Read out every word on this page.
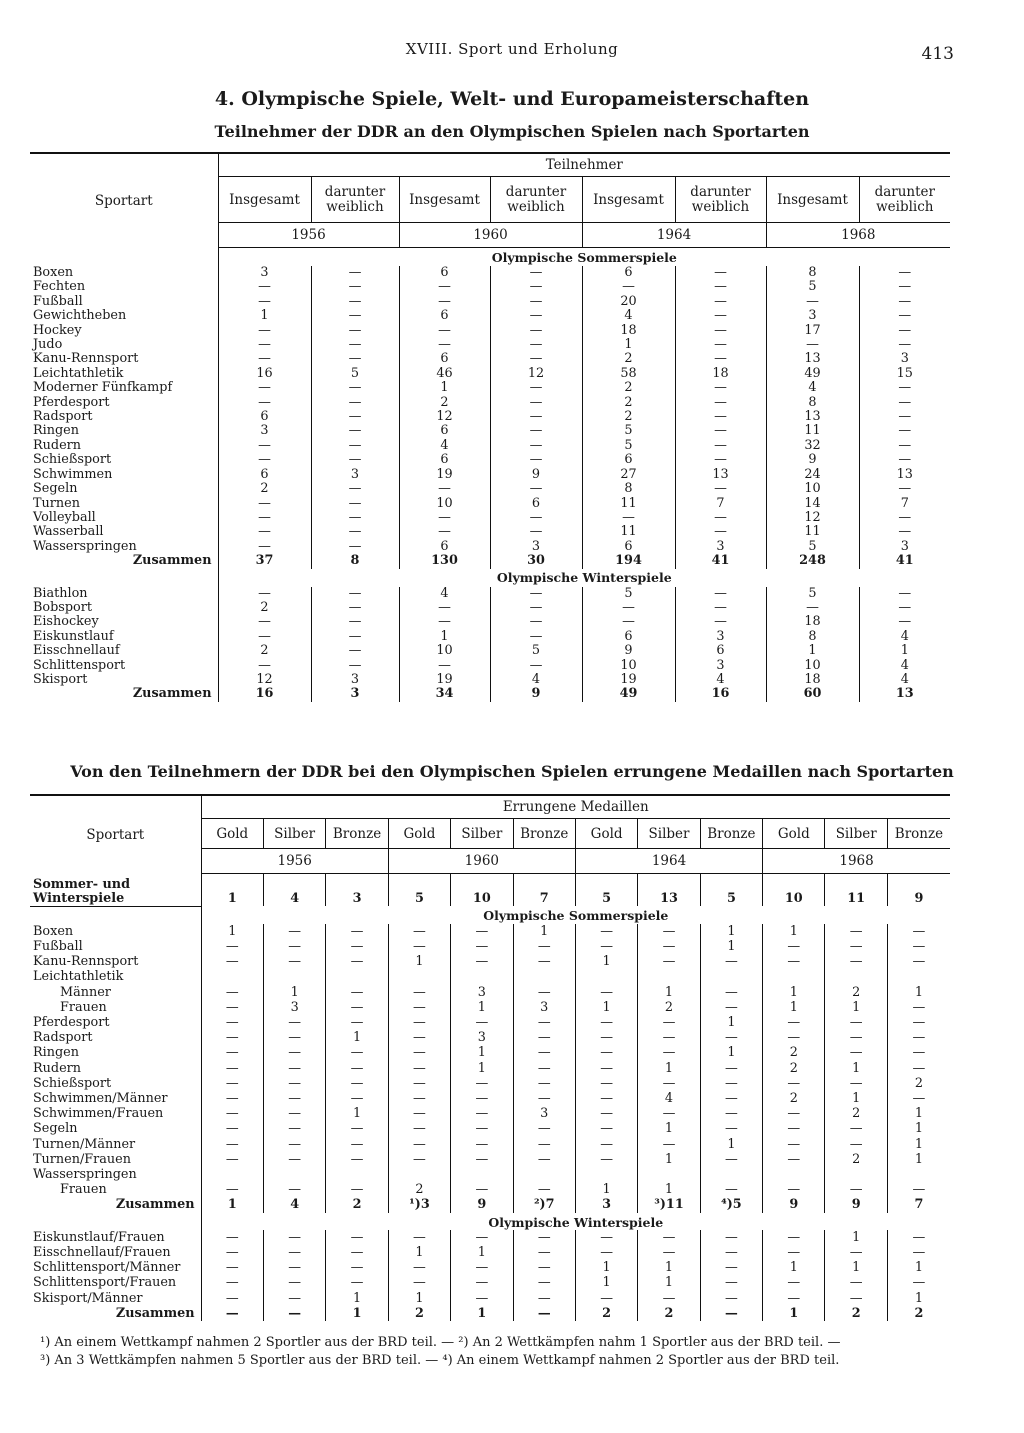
XVIII. Sport und Erholung	413
4. Olympische Spiele, Welt- und Europameisterschaften
Teilnehmer der DDR an den Olympischen Spielen nach Sportarten
Sportart	Teilnehmer							
	Insgesamt	darunter weiblich	Insgesamt	darunter weiblich	Insgesamt	darunter weiblich	Insgesamt	darunter weiblich
	1956		1960		1964		1968	
	Olympische Sommerspiele							
Boxen	3	—	6	—	6	—	8	—
Fechten	—	—	—	—	—	—	5	—
Fußball	—	—	—	—	20	—	—	—
Gewichtheben	1	—	6	—	4	—	3	—
Hockey	—	—	—	—	18	—	17	—
Judo	—	—	—	—	1	—	—	—
Kanu-Rennsport	—	—	6	—	2	—	13	3
Leichtathletik	16	5	46	12	58	18	49	15
Moderner Fünfkampf	—	—	1	—	2	—	4	—
Pferdesport	—	—	2	—	2	—	8	—
Radsport	6	—	12	—	2	—	13	—
Ringen	3	—	6	—	5	—	11	—
Rudern	—	—	4	—	5	—	32	—
Schießsport	—	—	6	—	6	—	9	—
Schwimmen	6	3	19	9	27	13	24	13
Segeln	2	—	—	—	8	—	10	—
Turnen	—	—	10	6	11	7	14	7
Volleyball	—	—	—	—	—	—	12	—
Wasserball	—	—	—	—	11	—	11	—
Wasserspringen	—	—	6	3	6	3	5	3
Zusammen	37	8	130	30	194	41	248	41
	Olympische Winterspiele							
Biathlon	—	—	4	—	5	—	5	—
Bobsport	2	—	—	—	—	—	—	—
Eishockey	—	—	—	—	—	—	18	—
Eiskunstlauf	—	—	1	—	6	3	8	4
Eisschnellauf	2	—	10	5	9	6	1	1
Schlittensport	—	—	—	—	10	3	10	4
Skisport	12	3	19	4	19	4	18	4
Zusammen	16	3	34	9	49	16	60	13
Von den Teilnehmern der DDR bei den Olympischen Spielen errungene Medaillen nach Sportarten
Sportart	Errungene Medaillen											
	Gold	Silber	Bronze	Gold	Silber	Bronze	Gold	Silber	Bronze	Gold	Silber	Bronze
	1956			1960			1964			1968		
Sommer- und Winterspiele	1	4	3	5	10	7	5	13	5	10	11	9
	Olympische Sommerspiele											
Boxen	1	—	—	—	—	1	—	—	1	1	—	—
Fußball	—	—	—	—	—	—	—	—	1	—	—	—
Kanu-Rennsport	—	—	—	1	—	—	1	—	—	—	—	—
Leichtathletik												
Männer	—	1	—	—	3	—	—	1	—	1	2	1
Frauen	—	3	—	—	1	3	1	2	—	1	1	—
Pferdesport	—	—	—	—	—	—	—	—	1	—	—	—
Radsport	—	—	1	—	3	—	—	—	—	—	—	—
Ringen	—	—	—	—	1	—	—	—	1	2	—	—
Rudern	—	—	—	—	1	—	—	1	—	2	1	—
Schießsport	—	—	—	—	—	—	—	—	—	—	—	2
Schwimmen/Männer	—	—	—	—	—	—	—	4	—	2	1	—
Schwimmen/Frauen	—	—	1	—	—	3	—	—	—	—	2	1
Segeln	—	—	—	—	—	—	—	1	—	—	—	1
Turnen/Männer	—	—	—	—	—	—	—	—	1	—	—	1
Turnen/Frauen	—	—	—	—	—	—	—	1	—	—	2	1
Wasserspringen												
Frauen	—	—	—	2	—	—	1	1	—	—	—	—
Zusammen	1	4	2	¹)3	9	²)7	3	³)11	⁴)5	9	9	7
	Olympische Winterspiele											
Eiskunstlauf/Frauen	—	—	—	—	—	—	—	—	—	—	1	—
Eisschnellauf/Frauen	—	—	—	1	1	—	—	—	—	—	—	—
Schlittensport/Männer	—	—	—	—	—	—	1	1	—	1	1	1
Schlittensport/Frauen	—	—	—	—	—	—	1	1	—	—	—	—
Skisport/Männer	—	—	1	1	—	—	—	—	—	—	—	1
Zusammen	—	—	1	2	1	—	2	2	—	1	2	2
¹) An einem Wettkampf nahmen 2 Sportler aus der BRD teil. — ²) An 2 Wettkämpfen nahm 1 Sportler aus der BRD teil. —
³) An 3 Wettkämpfen nahmen 5 Sportler aus der BRD teil. — ⁴) An einem Wettkampf nahmen 2 Sportler aus der BRD teil.
